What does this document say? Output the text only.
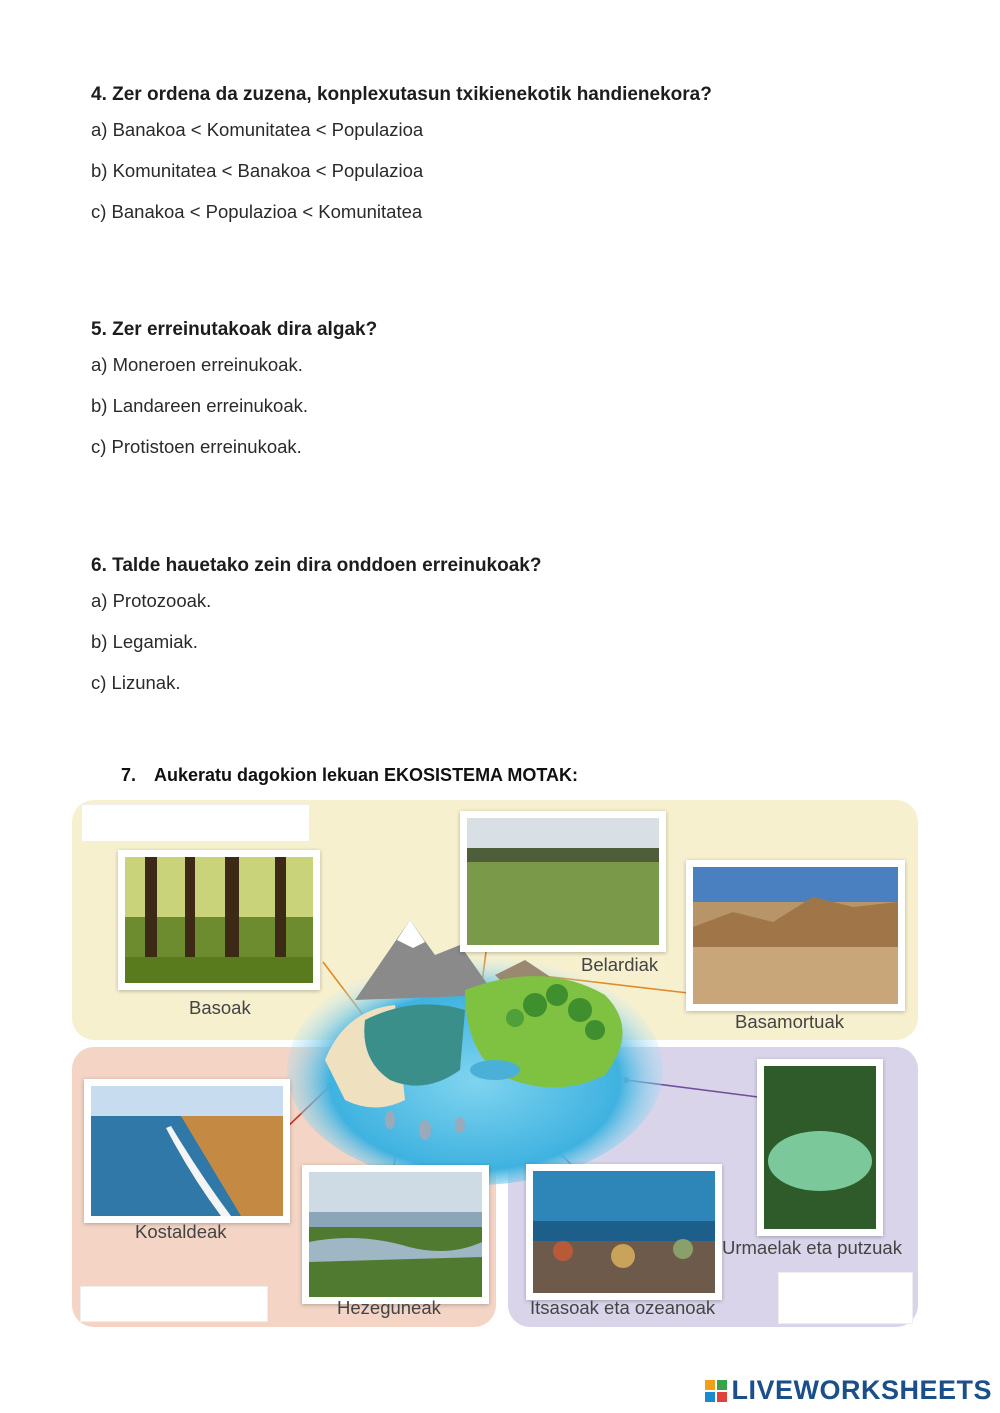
4. Zer ordena da zuzena, konplexutasun txikienekotik handienekora?
a) Banakoa < Komunitatea < Populazioa
b) Komunitatea < Banakoa < Populazioa
c) Banakoa < Populazioa < Komunitatea
5. Zer erreinutakoak dira algak?
a) Moneroen erreinukoak.
b) Landareen erreinukoak.
c) Protistoen erreinukoak.
6. Talde hauetako zein dira onddoen erreinukoak?
a) Protozooak.
b) Legamiak.
c) Lizunak.
7. Aukeratu dagokion lekuan EKOSISTEMA MOTAK:
Basoak
Belardiak
Basamortuak
Kostaldeak
Hezeguneak	Itsasoak eta ozeanoak
Urmaelak eta putzuak
LIVEWORKSHEETS
